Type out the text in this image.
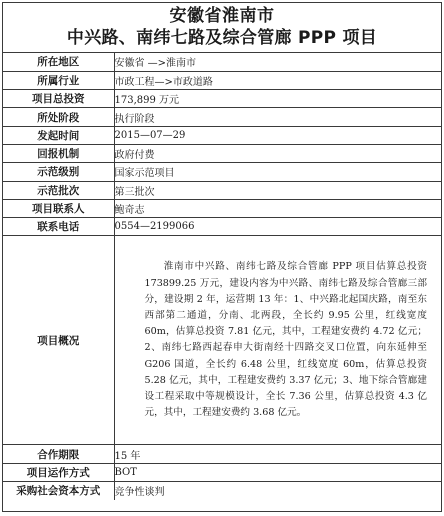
安徽省淮南市
中兴路、南纬七路及综合管廊 PPP 项目
所在地区	安徽省 —>淮南市
所属行业	市政工程—>市政道路
项目总投资	173,899 万元
所处阶段	执行阶段
发起时间	2015—07—29
回报机制	政府付费
示范级别	国家示范项目
示范批次	第三批次
项目联系人	鲍奇志
联系电话	0554—2199066
项目概况	淮南市中兴路、南纬七路及综合管廊 PPP 项目估算总投资 173899.25 万元，建设内容为中兴路、南纬七路及综合管廊三部分，建设期 2 年，运营期 13 年：1、中兴路北起国庆路，南至东西部第二通道，分南、北两段，全长约 9.95 公里，红线宽度 60m，估算总投资 7.81 亿元，其中，工程建安费约 4.72 亿元；2、南纬七路西起春申大街南经十四路交叉口位置，向东延伸至 G206 国道，全长约 6.48 公里，红线宽度 60m，估算总投资 5.28 亿元，其中，工程建安费约 3.37 亿元；3、地下综合管廊建设工程采取中等规模设计，全长 7.36 公里，估算总投资 4.3 亿元，其中，工程建安费约 3.68 亿元。

合作期限	15 年
项目运作方式	BOT
采购社会资本方式	竞争性谈判
